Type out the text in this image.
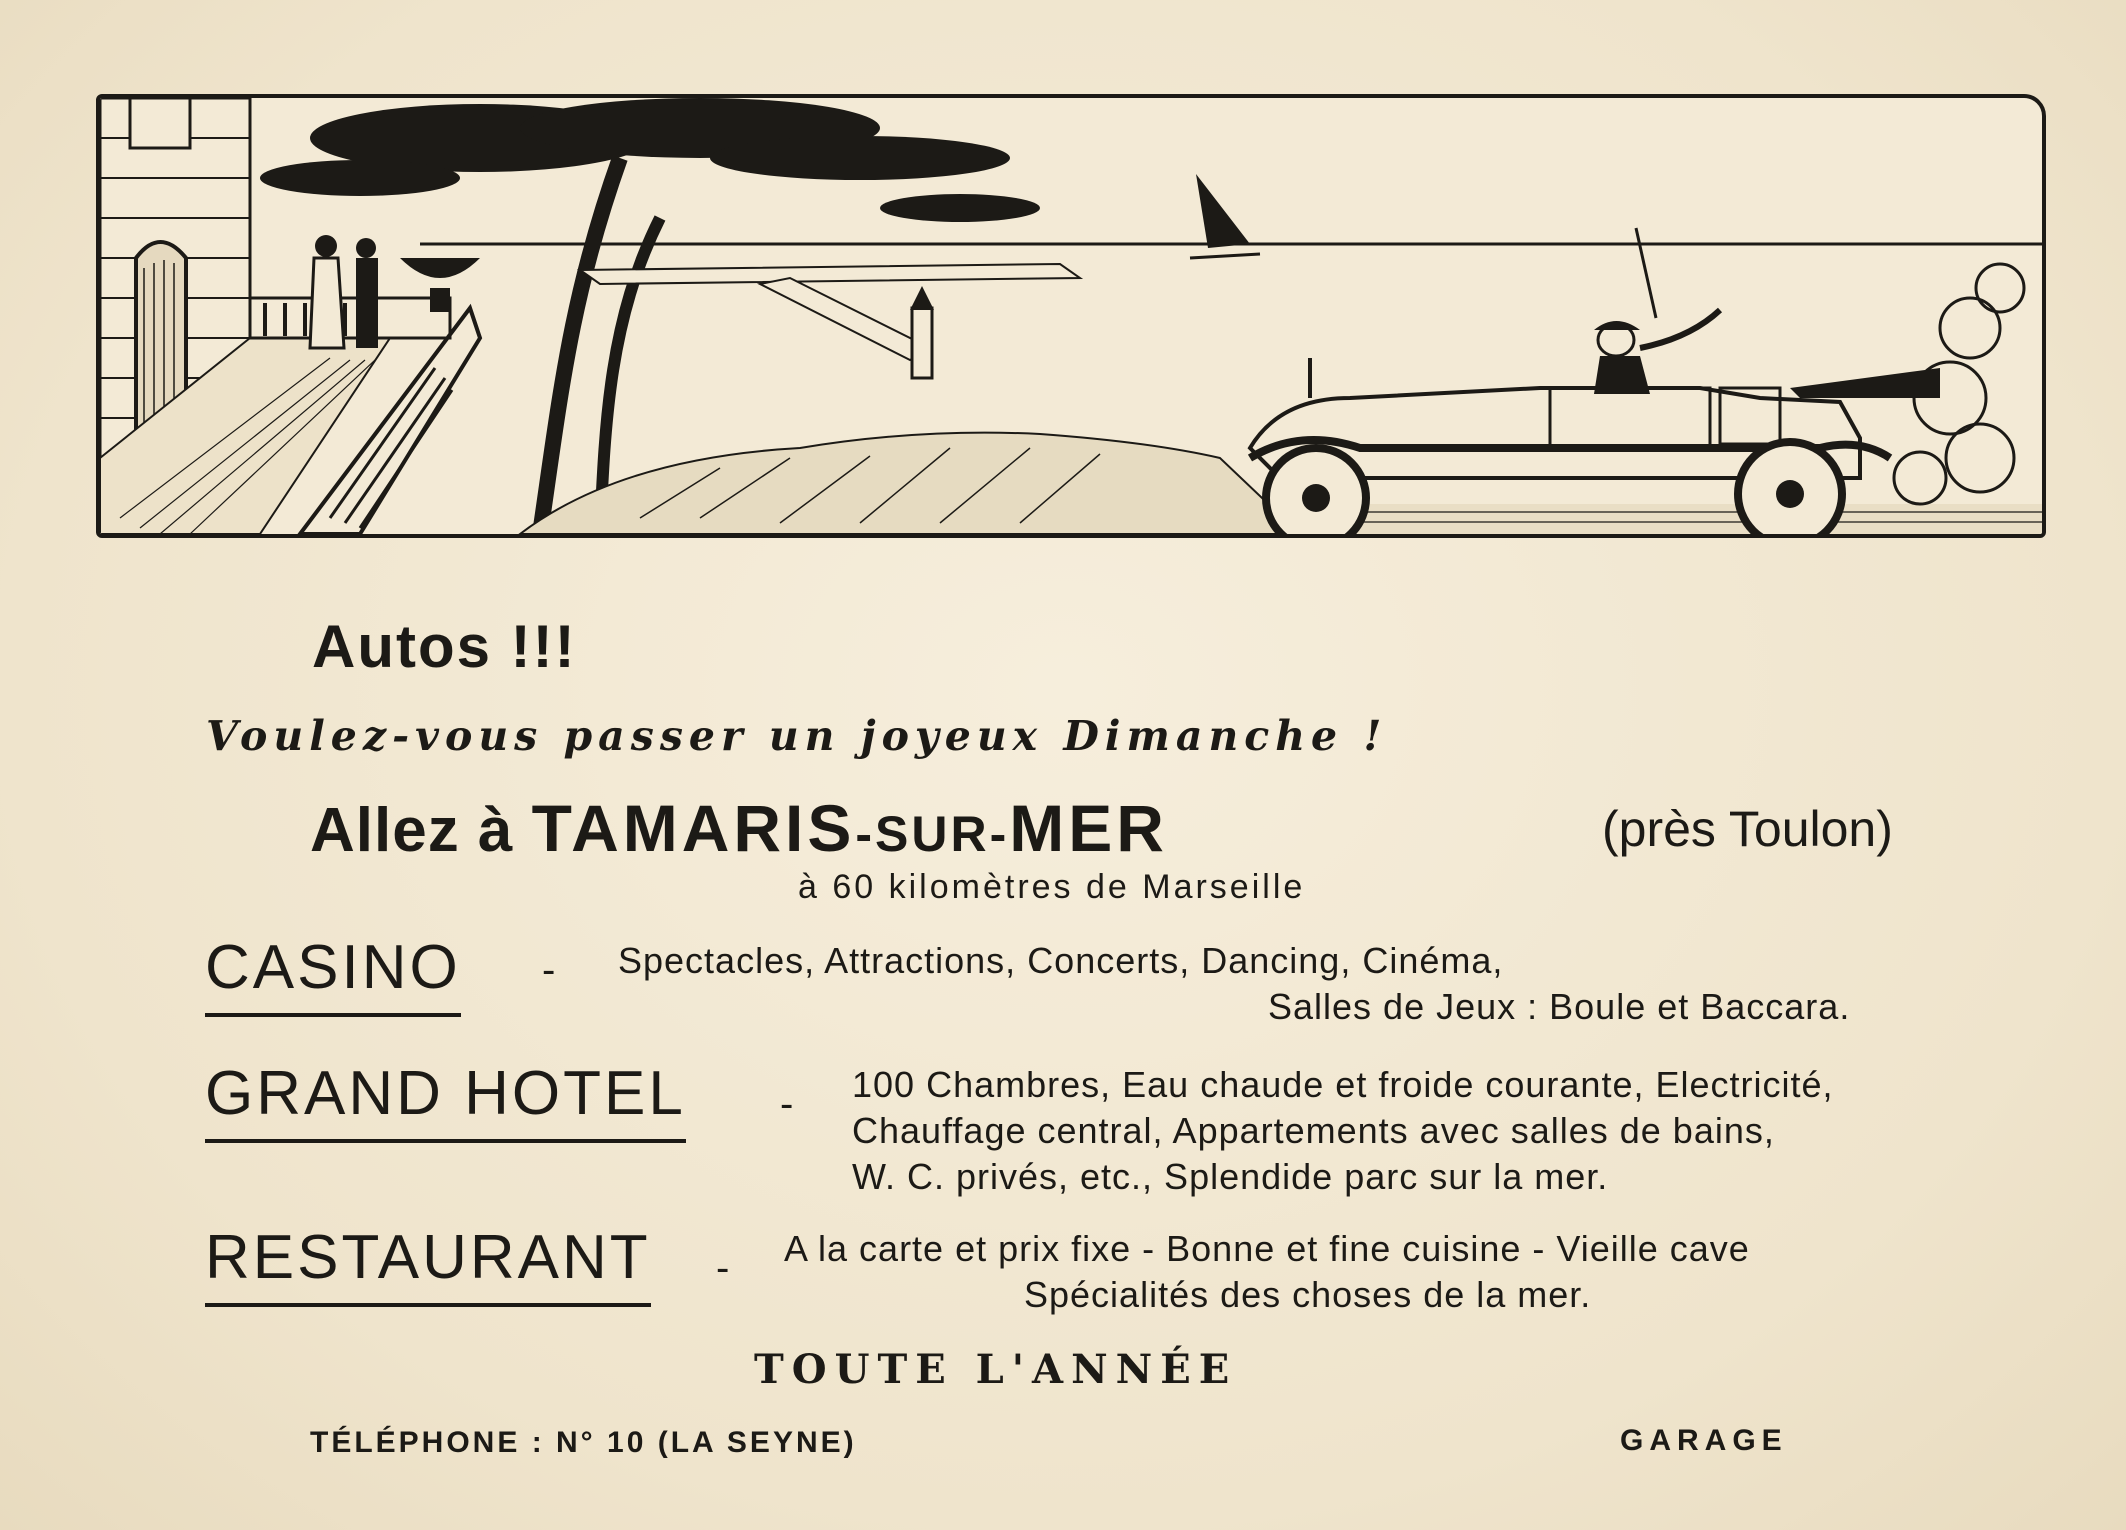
Autos !!!
Voulez-vous passer un joyeux Dimanche !
Allez à TAMARIS-SUR-MER	(près Toulon)
à 60 kilomètres de Marseille
CASINO - Spectacles, Attractions, Concerts, Dancing, Cinéma,
Salles de Jeux : Boule et Baccara.
GRAND HOTEL - 100 Chambres, Eau chaude et froide courante, Electricité,
Chauffage central, Appartements avec salles de bains,
W. C. privés, etc., Splendide parc sur la mer.
RESTAURANT - A la carte et prix fixe - Bonne et fine cuisine - Vieille cave
Spécialités des choses de la mer.
TOUTE L'ANNÉE
TÉLÉPHONE : N° 10 (LA SEYNE)	GARAGE
